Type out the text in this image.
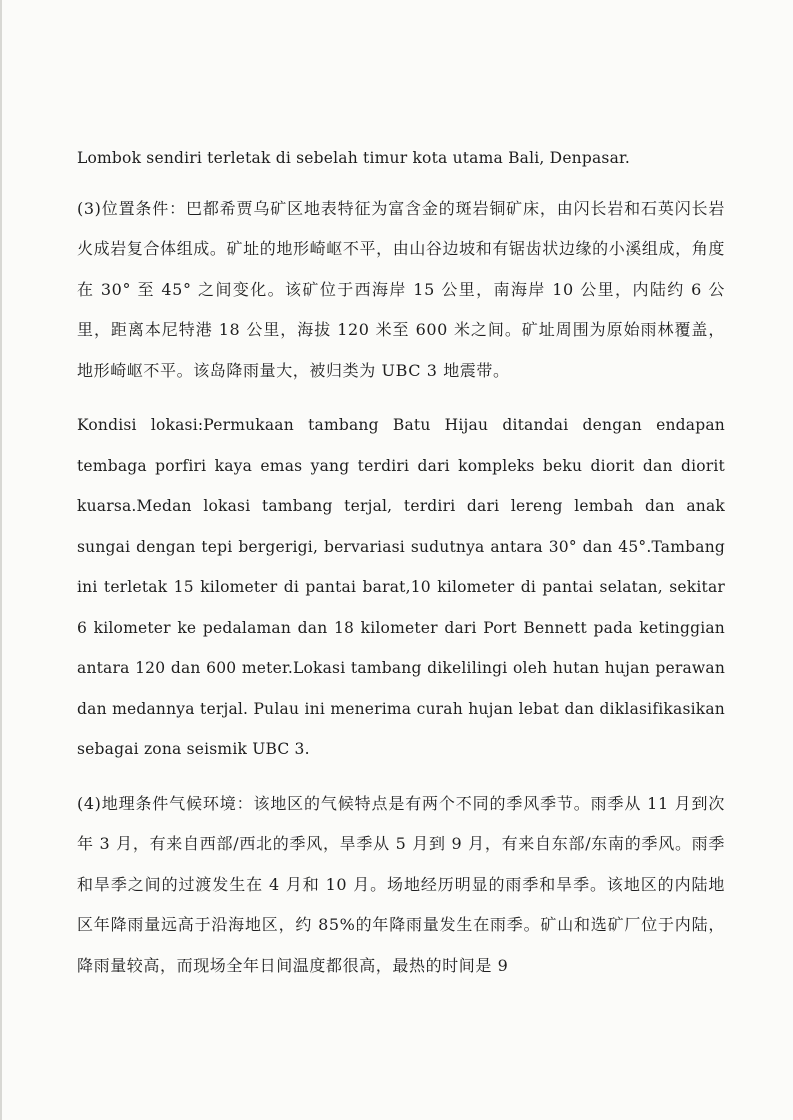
Lombok sendiri terletak di sebelah timur kota utama Bali, Denpasar.

(3)位置条件：巴都希贾乌矿区地表特征为富含金的斑岩铜矿床，由闪长岩和石英闪长岩火成岩复合体组成。矿址的地形崎岖不平，由山谷边坡和有锯齿状边缘的小溪组成，角度在 30° 至 45° 之间变化。该矿位于西海岸 15 公里，南海岸 10 公里，内陆约 6 公里，距离本尼特港 18 公里，海拔 120 米至 600 米之间。矿址周围为原始雨林覆盖，地形崎岖不平。该岛降雨量大，被归类为 UBC 3 地震带。

Kondisi lokasi:Permukaan tambang Batu Hijau ditandai dengan endapan tembaga porfiri kaya emas yang terdiri dari kompleks beku diorit dan diorit kuarsa.Medan lokasi tambang terjal, terdiri dari lereng lembah dan anak sungai dengan tepi bergerigi, bervariasi sudutnya antara 30° dan 45°.Tambang ini terletak 15 kilometer di pantai barat,10 kilometer di pantai selatan, sekitar 6 kilometer ke pedalaman dan 18 kilometer dari Port Bennett pada ketinggian antara 120 dan 600 meter.Lokasi tambang dikelilingi oleh hutan hujan perawan dan medannya terjal. Pulau ini menerima curah hujan lebat dan diklasifikasikan sebagai zona seismik UBC 3.

(4)地理条件气候环境：该地区的气候特点是有两个不同的季风季节。雨季从 11 月到次年 3 月，有来自西部/西北的季风，旱季从 5 月到 9 月，有来自东部/东南的季风。雨季和旱季之间的过渡发生在 4 月和 10 月。场地经历明显的雨季和旱季。该地区的内陆地区年降雨量远高于沿海地区，约 85%的年降雨量发生在雨季。矿山和选矿厂位于内陆，降雨量较高，而现场全年日间温度都很高，最热的时间是 9
